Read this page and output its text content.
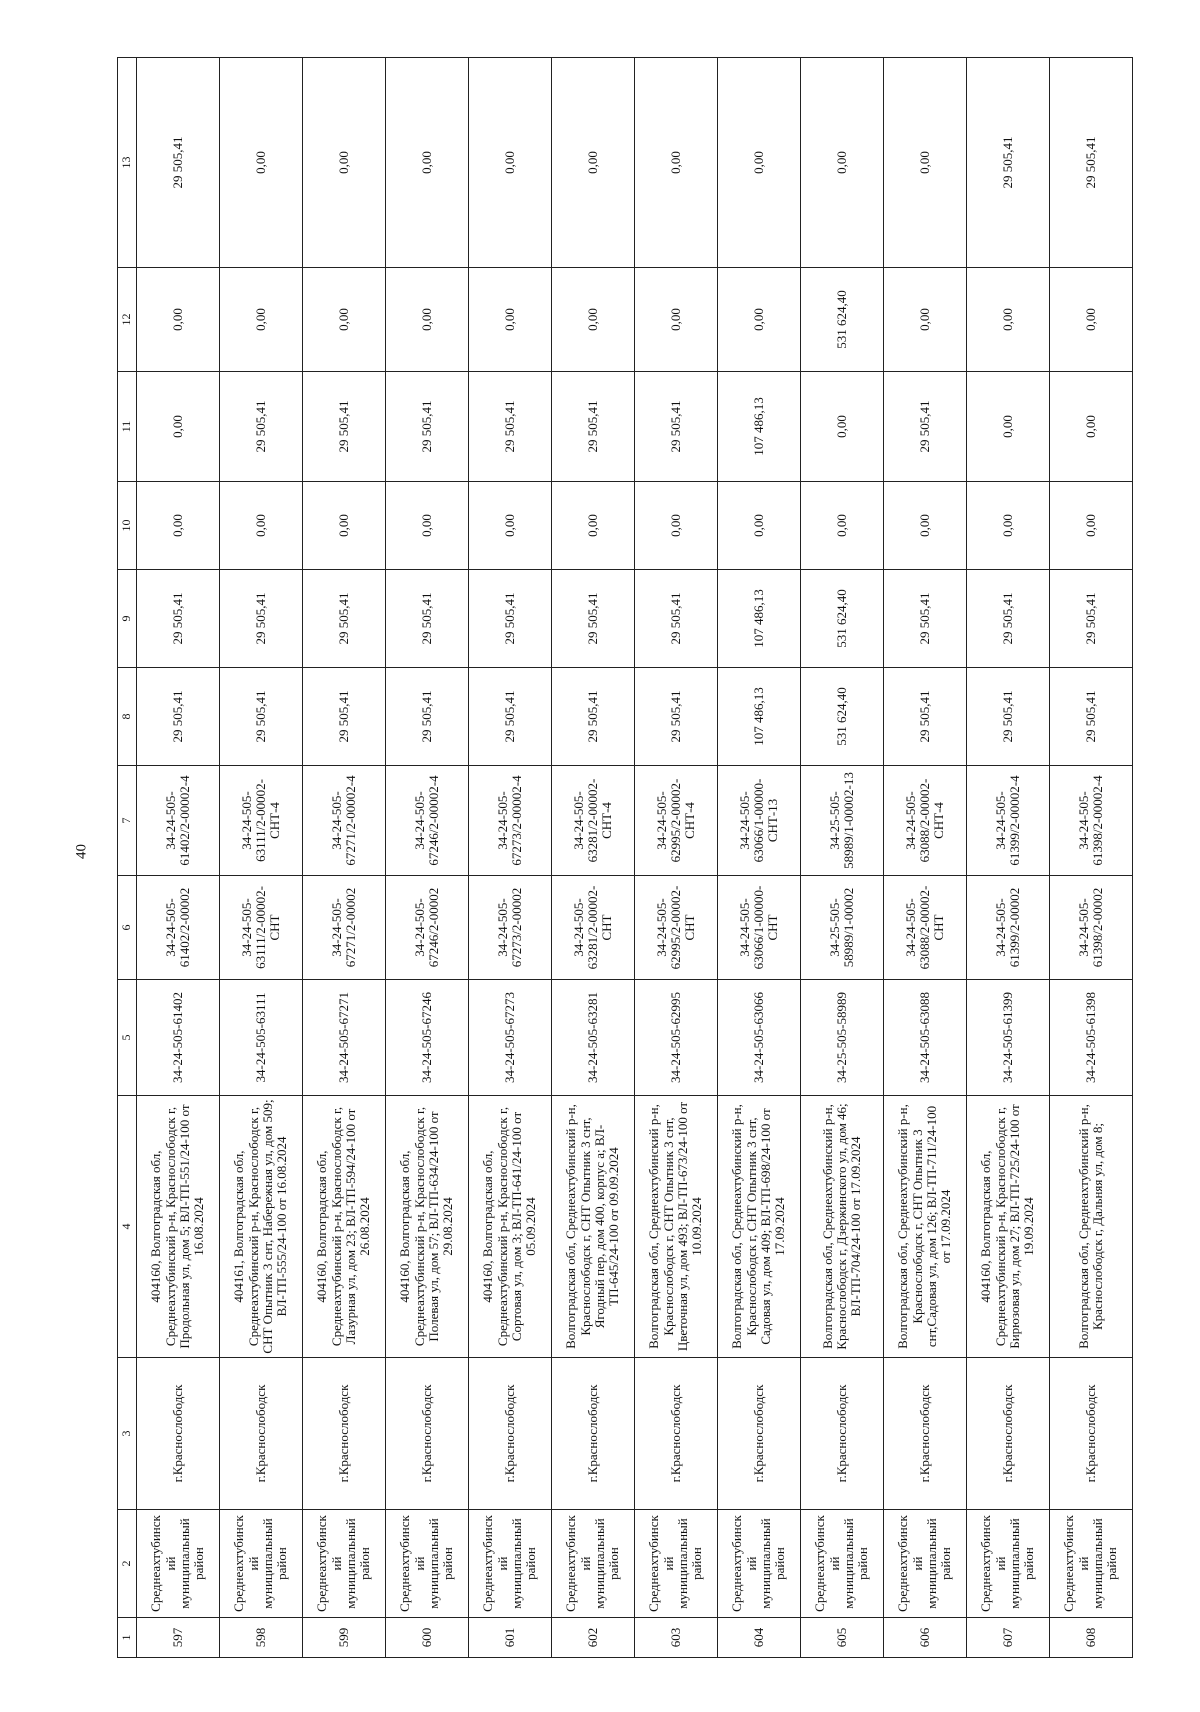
40
1	2	3	4	5	6	7	8	9	10	11	12	13
597	Среднеахтубинский муниципальный район	г.Краснослободск	404160, Волгоградская обл, Среднеахтубинский р-н, Краснослободск г, Продольная ул, дом 5; ВЛ-ТП-551/24-100 от 16.08.2024	34-24-505-61402	34-24-505-61402/2-00002	34-24-505-61402/2-00002-4	29 505,41	29 505,41	0,00	0,00	0,00	29 505,41
598	Среднеахтубинский муниципальный район	г.Краснослободск	404161, Волгоградская обл, Среднеахтубинский р-н, Краснослободск г, СНТ Опытник 3 снт, Набережная ул, дом 509; ВЛ-ТП-555/24-100 от 16.08.2024	34-24-505-63111	34-24-505-63111/2-00002-СНТ	34-24-505-63111/2-00002-СНТ-4	29 505,41	29 505,41	0,00	29 505,41	0,00	0,00
599	Среднеахтубинский муниципальный район	г.Краснослободск	404160, Волгоградская обл, Среднеахтубинский р-н, Краснослободск г, Лазурная ул, дом 23; ВЛ-ТП-594/24-100 от 26.08.2024	34-24-505-67271	34-24-505-67271/2-00002	34-24-505-67271/2-00002-4	29 505,41	29 505,41	0,00	29 505,41	0,00	0,00
600	Среднеахтубинский муниципальный район	г.Краснослободск	404160, Волгоградская обл, Среднеахтубинский р-н, Краснослободск г, Полевая ул, дом 57; ВЛ-ТП-634/24-100 от 29.08.2024	34-24-505-67246	34-24-505-67246/2-00002	34-24-505-67246/2-00002-4	29 505,41	29 505,41	0,00	29 505,41	0,00	0,00
601	Среднеахтубинский муниципальный район	г.Краснослободск	404160, Волгоградская обл, Среднеахтубинский р-н, Краснослободск г, Сортовая ул, дом 3; ВЛ-ТП-641/24-100 от 05.09.2024	34-24-505-67273	34-24-505-67273/2-00002	34-24-505-67273/2-00002-4	29 505,41	29 505,41	0,00	29 505,41	0,00	0,00
602	Среднеахтубинский муниципальный район	г.Краснослободск	Волгоградская обл, Среднеахтубинский р-н, Краснослободск г, СНТ Опытник 3 снт, Ягодный пер, дом 400, корпус а; ВЛ-ТП-645/24-100 от 09.09.2024	34-24-505-63281	34-24-505-63281/2-00002-СНТ	34-24-505-63281/2-00002-СНТ-4	29 505,41	29 505,41	0,00	29 505,41	0,00	0,00
603	Среднеахтубинский муниципальный район	г.Краснослободск	Волгоградская обл, Среднеахтубинский р-н, Краснослободск г, СНТ Опытник 3 снт, Цветочная ул, дом 493; ВЛ-ТП-673/24-100 от 10.09.2024	34-24-505-62995	34-24-505-62995/2-00002-СНТ	34-24-505-62995/2-00002-СНТ-4	29 505,41	29 505,41	0,00	29 505,41	0,00	0,00
604	Среднеахтубинский муниципальный район	г.Краснослободск	Волгоградская обл, Среднеахтубинский р-н, Краснослободск г, СНТ Опытник 3 снт, Садовая ул, дом 409; ВЛ-ТП-698/24-100 от 17.09.2024	34-24-505-63066	34-24-505-63066/1-00000-СНТ	34-24-505-63066/1-00000-СНТ-13	107 486,13	107 486,13	0,00	107 486,13	0,00	0,00
605	Среднеахтубинский муниципальный район	г.Краснослободск	Волгоградская обл, Среднеахтубинский р-н, Краснослободск г, Дзержинского ул, дом 46; ВЛ-ТП-704/24-100 от 17.09.2024	34-25-505-58989	34-25-505-58989/1-00002	34-25-505-58989/1-00002-13	531 624,40	531 624,40	0,00	0,00	531 624,40	0,00
606	Среднеахтубинский муниципальный район	г.Краснослободск	Волгоградская обл, Среднеахтубинский р-н, Краснослободск г, СНТ Опытник 3 снт,Садовая ул, дом 126; ВЛ-ТП-711/24-100 от 17.09.2024	34-24-505-63088	34-24-505-63088/2-00002-СНТ	34-24-505-63088/2-00002-СНТ-4	29 505,41	29 505,41	0,00	29 505,41	0,00	0,00
607	Среднеахтубинский муниципальный район	г.Краснослободск	404160, Волгоградская обл, Среднеахтубинский р-н, Краснослободск г, Бирюзовая ул, дом 27; ВЛ-ТП-725/24-100 от 19.09.2024	34-24-505-61399	34-24-505-61399/2-00002	34-24-505-61399/2-00002-4	29 505,41	29 505,41	0,00	0,00	0,00	29 505,41
608	Среднеахтубинский муниципальный район	г.Краснослободск	Волгоградская обл, Среднеахтубинский р-н, Краснослободск г, Дальняя ул, дом 8;	34-24-505-61398	34-24-505-61398/2-00002	34-24-505-61398/2-00002-4	29 505,41	29 505,41	0,00	0,00	0,00	29 505,41
